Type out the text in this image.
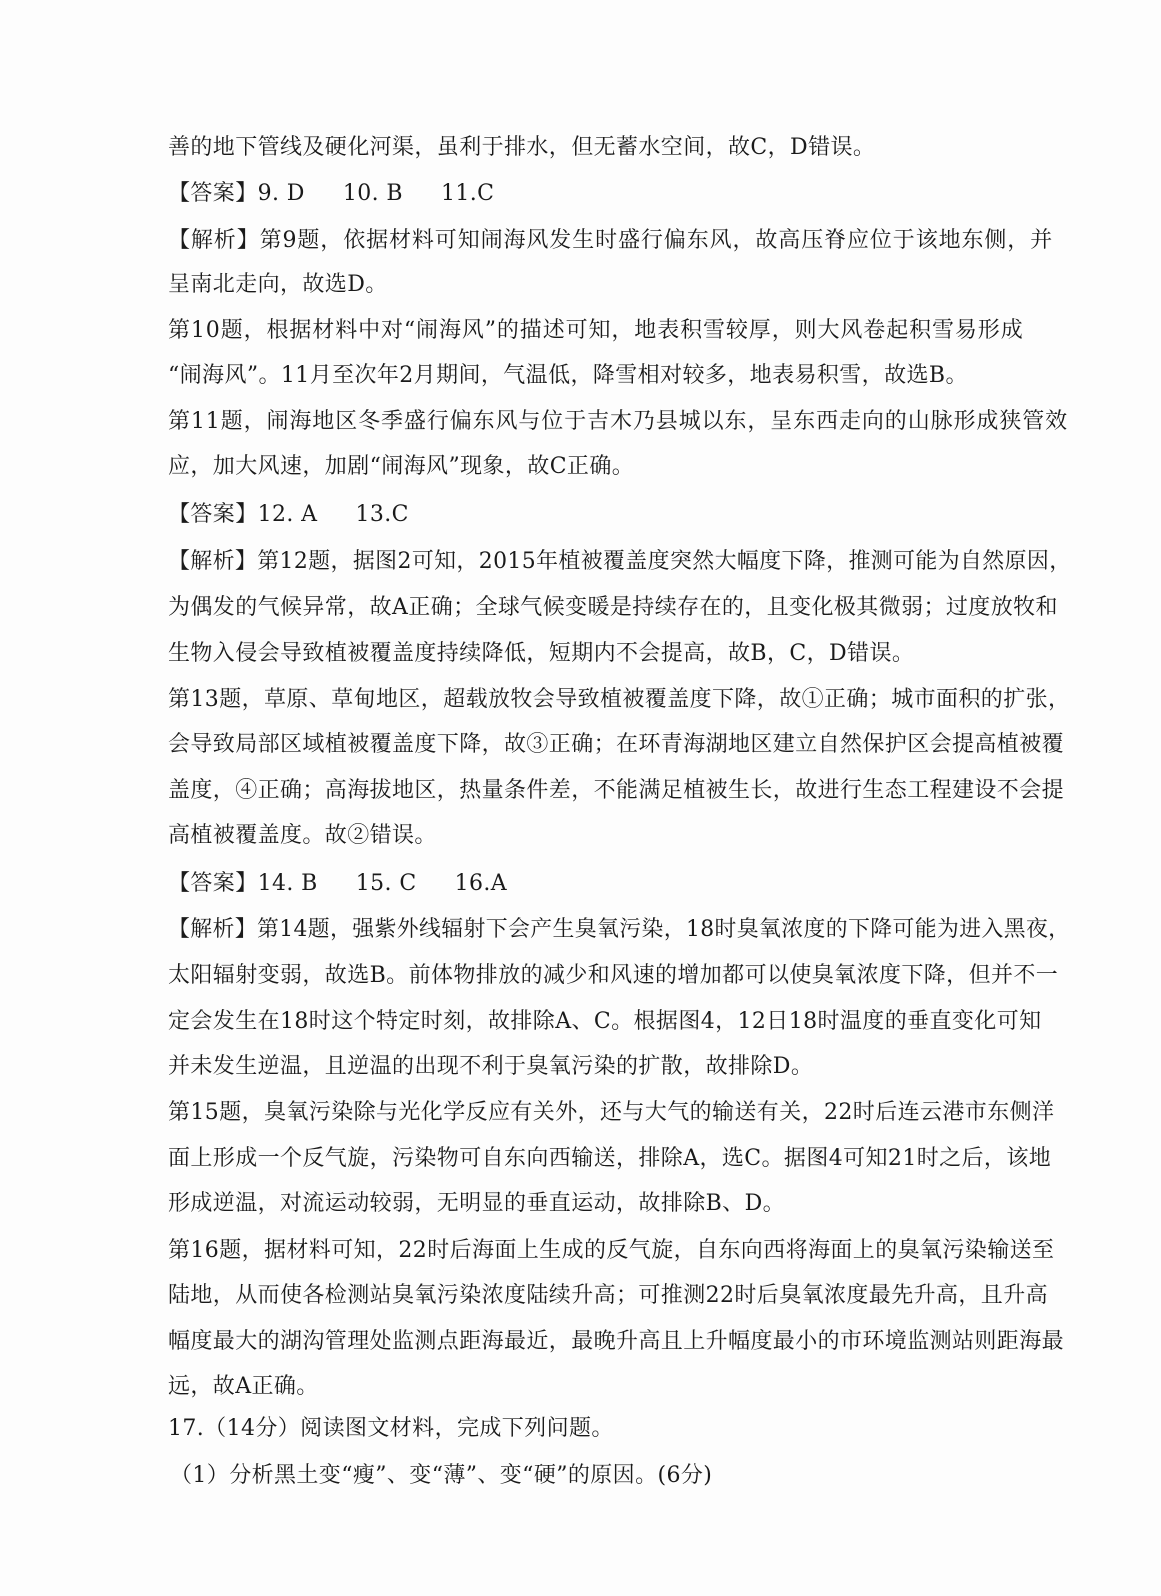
善的地下管线及硬化河渠，虽利于排水，但无蓄水空间，故C，D错误。
【答案】9. D 10. B 11.C
【解析】第9题，依据材料可知闹海风发生时盛行偏东风，故高压脊应位于该地东侧，并
呈南北走向，故选D。
第10题，根据材料中对“闹海风”的描述可知，地表积雪较厚，则大风卷起积雪易形成
“闹海风”。11月至次年2月期间，气温低，降雪相对较多，地表易积雪，故选B。
第11题，闹海地区冬季盛行偏东风与位于吉木乃县城以东，呈东西走向的山脉形成狭管效
应，加大风速，加剧“闹海风”现象，故C正确。
【答案】12. A 13.C
【解析】第12题，据图2可知，2015年植被覆盖度突然大幅度下降，推测可能为自然原因，
为偶发的气候异常，故A正确；全球气候变暖是持续存在的，且变化极其微弱；过度放牧和
生物入侵会导致植被覆盖度持续降低，短期内不会提高，故B，C，D错误。
第13题，草原、草甸地区，超载放牧会导致植被覆盖度下降，故①正确；城市面积的扩张，
会导致局部区域植被覆盖度下降，故③正确；在环青海湖地区建立自然保护区会提高植被覆
盖度，④正确；高海拔地区，热量条件差，不能满足植被生长，故进行生态工程建设不会提
高植被覆盖度。故②错误。
【答案】14. B 15. C 16.A
【解析】第14题，强紫外线辐射下会产生臭氧污染，18时臭氧浓度的下降可能为进入黑夜，
太阳辐射变弱，故选B。前体物排放的减少和风速的增加都可以使臭氧浓度下降，但并不一
定会发生在18时这个特定时刻，故排除A、C。根据图4，12日18时温度的垂直变化可知
并未发生逆温，且逆温的出现不利于臭氧污染的扩散，故排除D。
第15题，臭氧污染除与光化学反应有关外，还与大气的输送有关，22时后连云港市东侧洋
面上形成一个反气旋，污染物可自东向西输送，排除A，选C。据图4可知21时之后，该地
形成逆温，对流运动较弱，无明显的垂直运动，故排除B、D。
第16题，据材料可知，22时后海面上生成的反气旋，自东向西将海面上的臭氧污染输送至
陆地，从而使各检测站臭氧污染浓度陆续升高；可推测22时后臭氧浓度最先升高，且升高
幅度最大的湖沟管理处监测点距海最近，最晚升高且上升幅度最小的市环境监测站则距海最
远，故A正确。
17.（14分）阅读图文材料，完成下列问题。
（1）分析黑土变“瘦”、变“薄”、变“硬”的原因。(6分)
